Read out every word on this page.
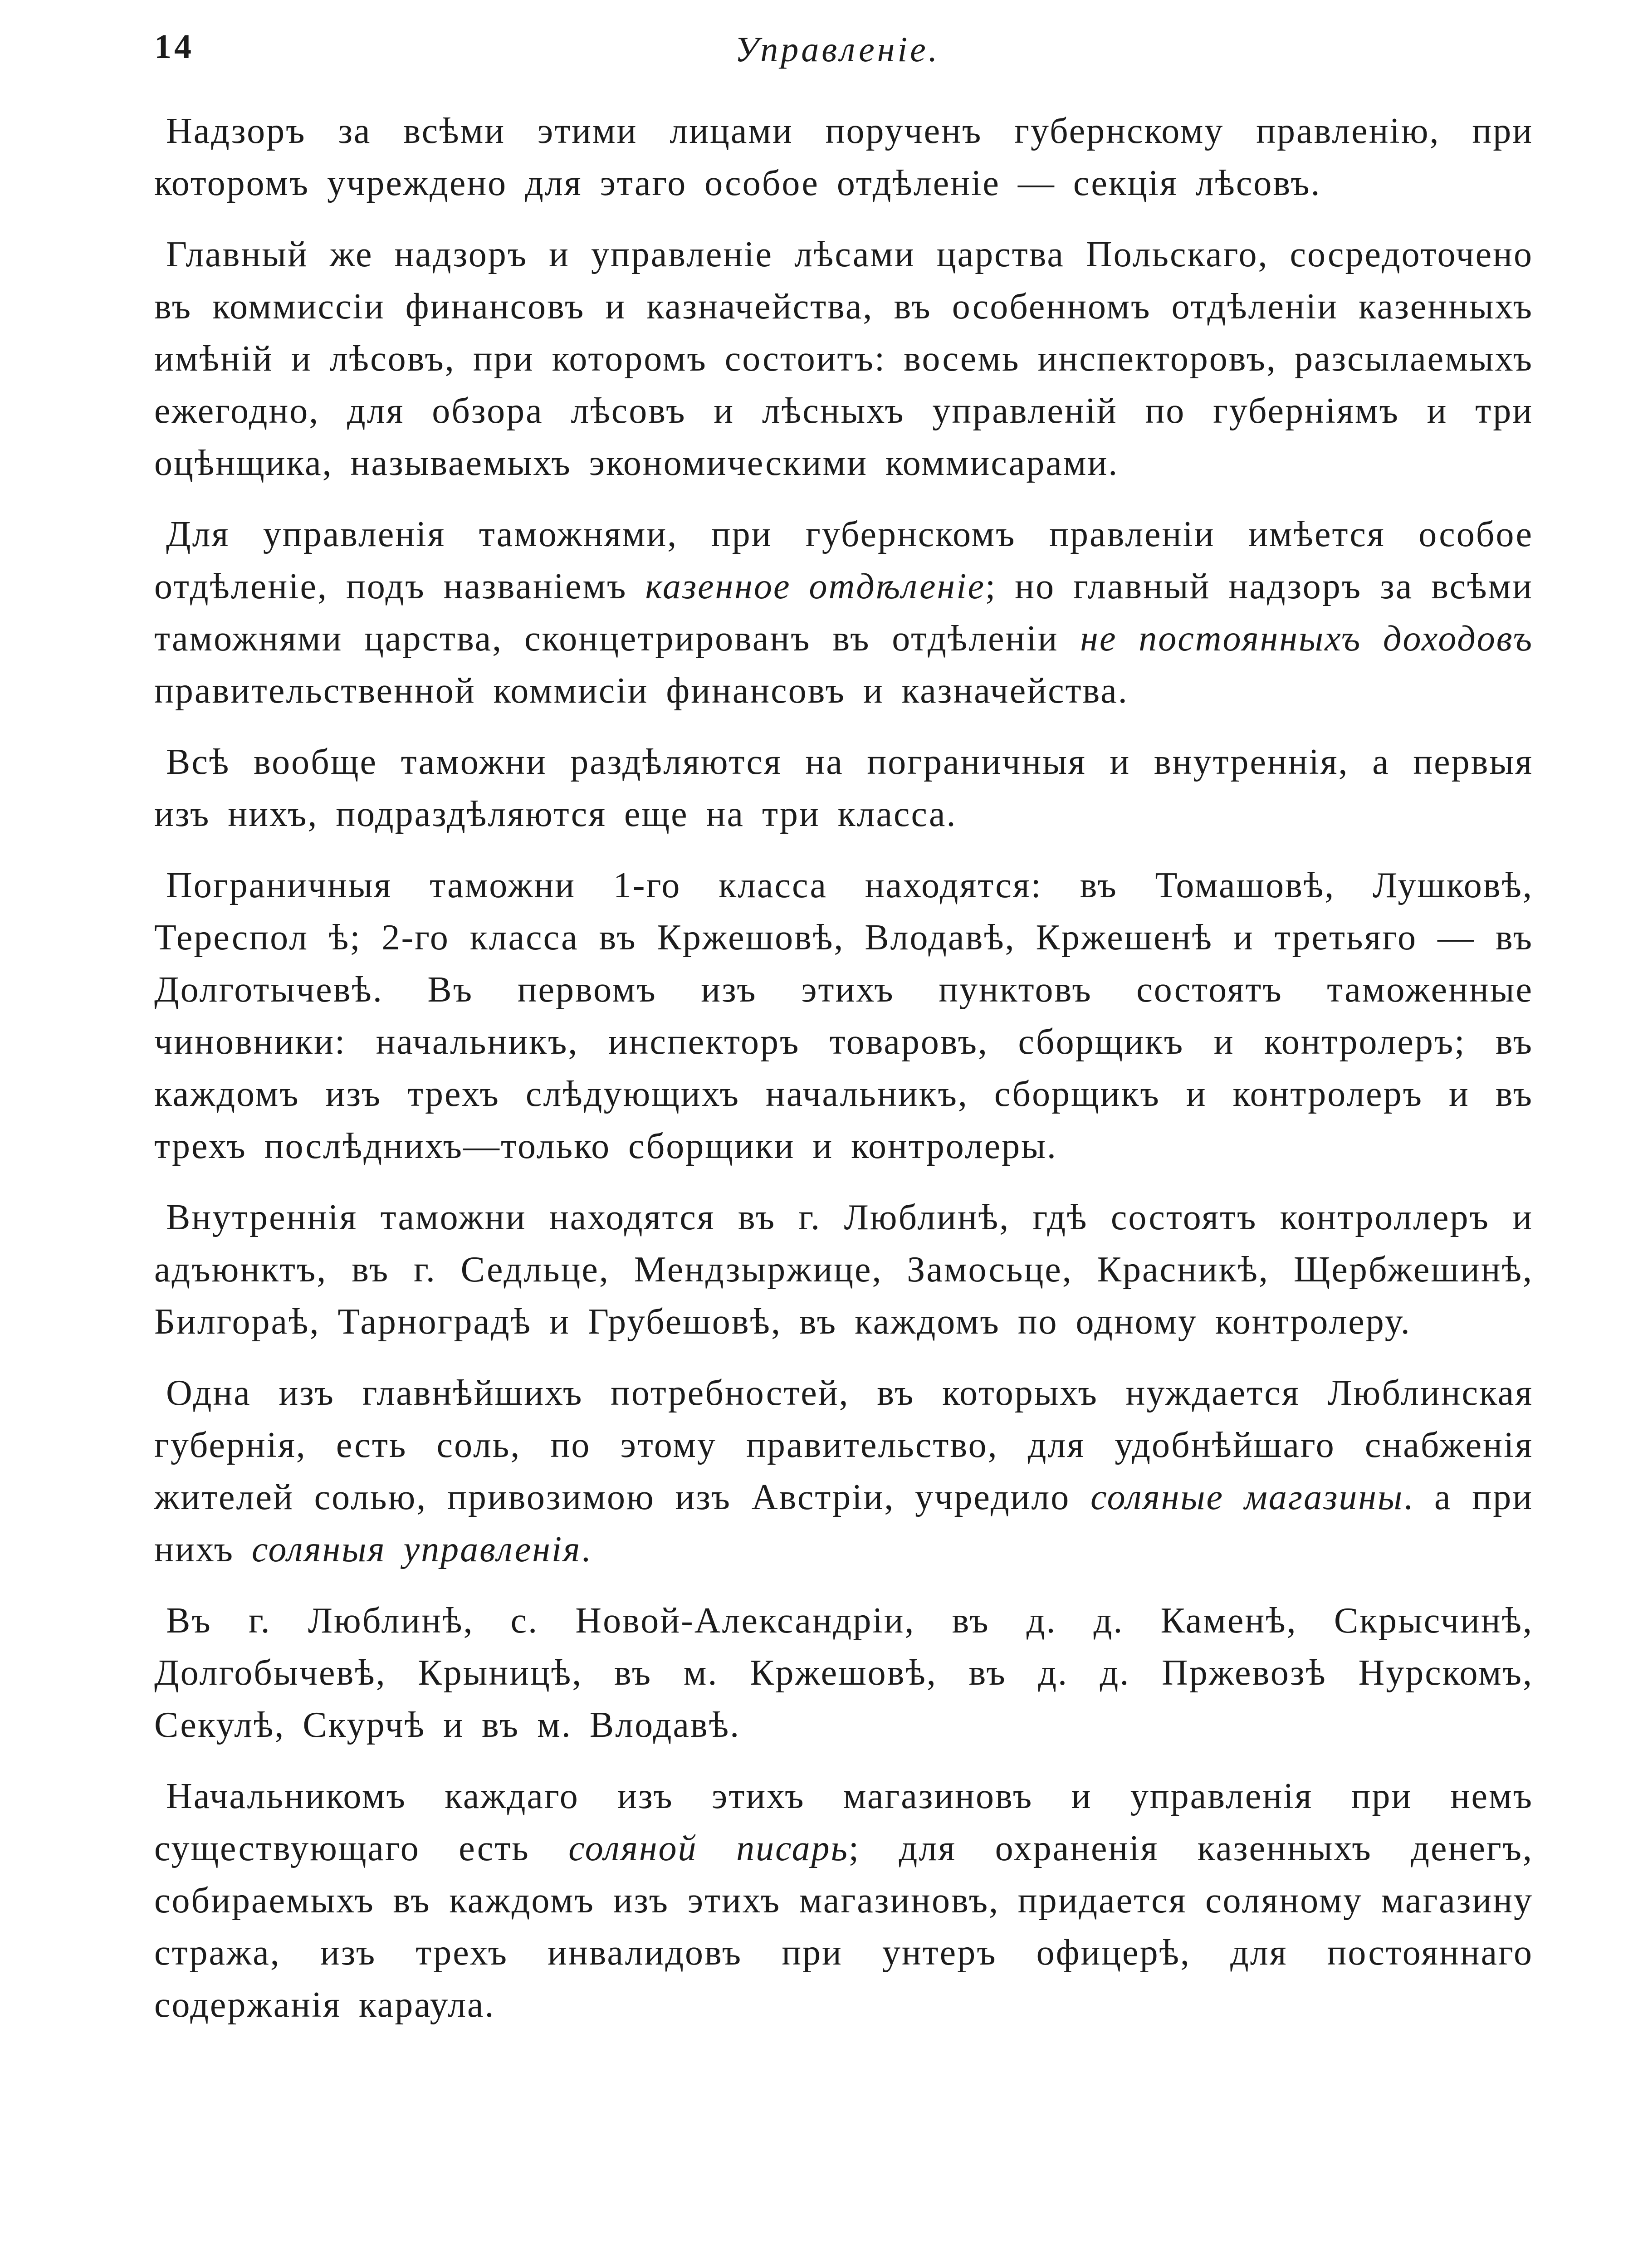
14	Управленіе.

Надзоръ за всѣми этими лицами порученъ губернскому правленію, при которомъ учреждено для этаго особое отдѣленіе — секція лѣсовъ.

Главный же надзоръ и управленіе лѣсами царства Польскаго, сосредоточено въ коммиссіи финансовъ и казначейства, въ особенномъ отдѣленіи казенныхъ имѣній и лѣсовъ, при которомъ состоитъ: восемь инспекторовъ, разсылаемыхъ ежегодно, для обзора лѣсовъ и лѣсныхъ управленій по губерніямъ и три оцѣнщика, называемыхъ экономическими коммисарами.

Для управленія таможнями, при губернскомъ правленіи имѣется особое отдѣленіе, подъ названіемъ казенное отдѣленіе; но главный надзоръ за всѣми таможнями царства, сконцетрированъ въ отдѣленіи не постоянныхъ доходовъ правительственной коммисіи финансовъ и казначейства.

Всѣ вообще таможни раздѣляются на пограничныя и внутреннія, а первыя изъ нихъ, подраздѣляются еще на три класса.

Пограничныя таможни 1-го класса находятся: въ Томашовѣ, Лушковѣ, Тереспол ѣ; 2-го класса въ Кржешовѣ, Влодавѣ, Кржешенѣ и третьяго — въ Долготычевѣ. Въ первомъ изъ этихъ пунктовъ состоятъ таможенные чиновники: начальникъ, инспекторъ товаровъ, сборщикъ и контролеръ; въ каждомъ изъ трехъ слѣдующихъ начальникъ, сборщикъ и контролеръ и въ трехъ послѣднихъ—только сборщики и контролеры.

Внутреннія таможни находятся въ г. Люблинѣ, гдѣ состоятъ контроллеръ и адъюнктъ, въ г. Седльце, Мендзыржице, Замосьце, Красникѣ, Щербжешинѣ, Билгораѣ, Тарноградѣ и Грубешовѣ, въ каждомъ по одному контролеру.

Одна изъ главнѣйшихъ потребностей, въ которыхъ нуждается Люблинская губернія, есть соль, по этому правительство, для удобнѣйшаго снабженія жителей солью, привозимою изъ Австріи, учредило соляные магазины. а при нихъ соляныя управленія.

Въ г. Люблинѣ, с. Новой-Александріи, въ д. д. Каменѣ, Скрысчинѣ, Долгобычевѣ, Крыницѣ, въ м. Кржешовѣ, въ д. д. Пржевозѣ Нурскомъ, Секулѣ, Скурчѣ и въ м. Влодавѣ.

Начальникомъ каждаго изъ этихъ магазиновъ и управленія при немъ существующаго есть соляной писарь; для охраненія казенныхъ денегъ, собираемыхъ въ каждомъ изъ этихъ магазиновъ, придается соляному магазину стража, изъ трехъ инвалидовъ при унтеръ офицерѣ, для постояннаго содержанія караула.
